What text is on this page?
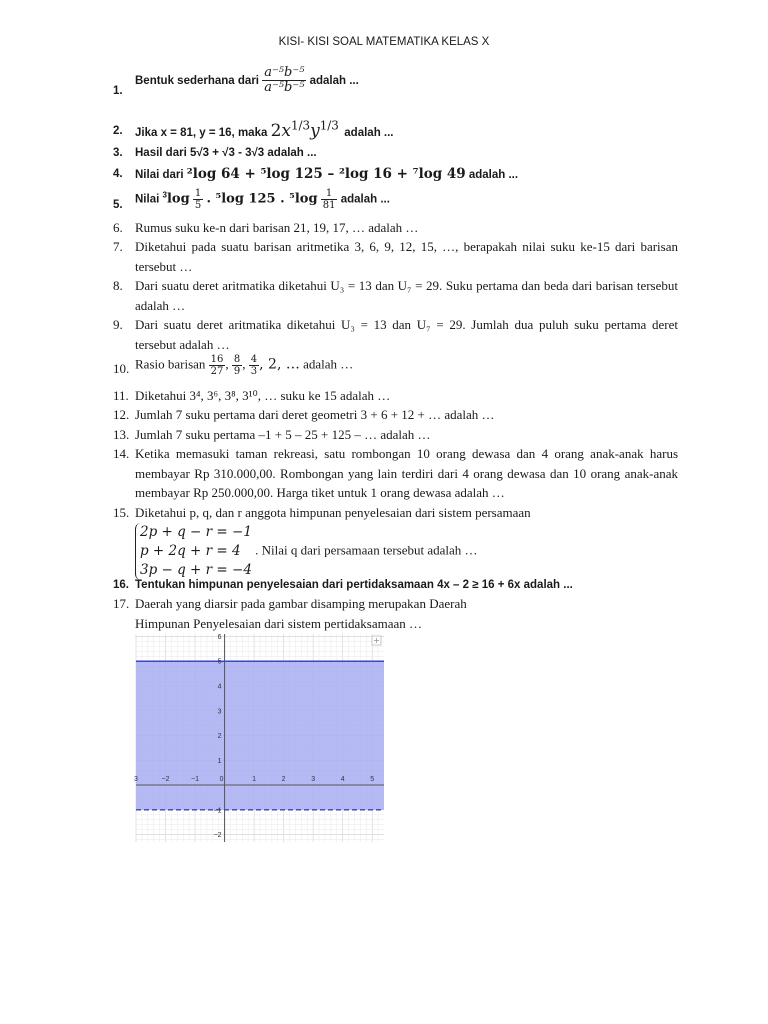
KISI- KISI SOAL MATEMATIKA KELAS X
1.
Bentuk sederhana dari $\frac{\text{a⁻⁵b⁻⁵}}{\text{a⁻⁵b⁻⁵}}$ adalah ...
2.	Jika x = 81, y = 16, maka $2x^{1/3}y^{1/3}$ adalah ...
3.	Hasil dari 5√3 + √3 - 3√3 adalah ...
4.	Nilai dari ²log 64 + ⁵log 125 – ²log 16 + ⁷log 49 adalah ...
5.	Nilai $^3\log \frac{1}{5}$ . ⁵log 125 . $^5\log \frac{1}{81}$ adalah ...
6. Rumus suku ke-n dari barisan 21, 19, 17, … adalah …
7. Diketahui pada suatu barisan aritmetika 3, 6, 9, 12, 15, …, berapakah nilai suku ke-15 dari barisan tersebut …
8. Dari suatu deret aritmatika diketahui U₃ = 13 dan U₇ = 29. Suku pertama dan beda dari barisan tersebut adalah …
9. Dari suatu deret aritmatika diketahui U₃ = 13 dan U₇ = 29. Jumlah dua puluh suku pertama deret tersebut adalah …
10. Rasio barisan $\frac{16}{27}$ , $\frac{8}{9}$ , $\frac{4}{3}$ , 2, … adalah …
11. Diketahui 3⁴, 3⁶, 3⁸, 3¹⁰, … suku ke 15 adalah …
12. Jumlah 7 suku pertama dari deret geometri 3 + 6 + 12 + … adalah …
13. Jumlah 7 suku pertama –1 + 5 – 25 + 125 – … adalah …
14. Ketika memasuki taman rekreasi, satu rombongan 10 orang dewasa dan 4 orang anak-anak harus membayar Rp 310.000,00. Rombongan yang lain terdiri dari 4 orang dewasa dan 10 orang anak-anak membayar Rp 250.000,00. Harga tiket untuk 1 orang dewasa adalah …
15. Diketahui p, q, dan r anggota himpunan penyelesaian dari sistem persamaan
2p + q − r = −1
p + 2q + r = 4
3p − q + r = −4
. Nilai q dari persamaan tersebut adalah …
16. Tentukan himpunan penyelesaian dari pertidaksamaan 4x – 2 ≥ 16 + 6x adalah ...
17. Daerah yang diarsir pada gambar disamping merupakan Daerah
Himpunan Penyelesaian dari sistem pertidaksamaan …
3	−2	−1	0	1	2	3	4	5
6
5
4
3
2
1
−1
−2
